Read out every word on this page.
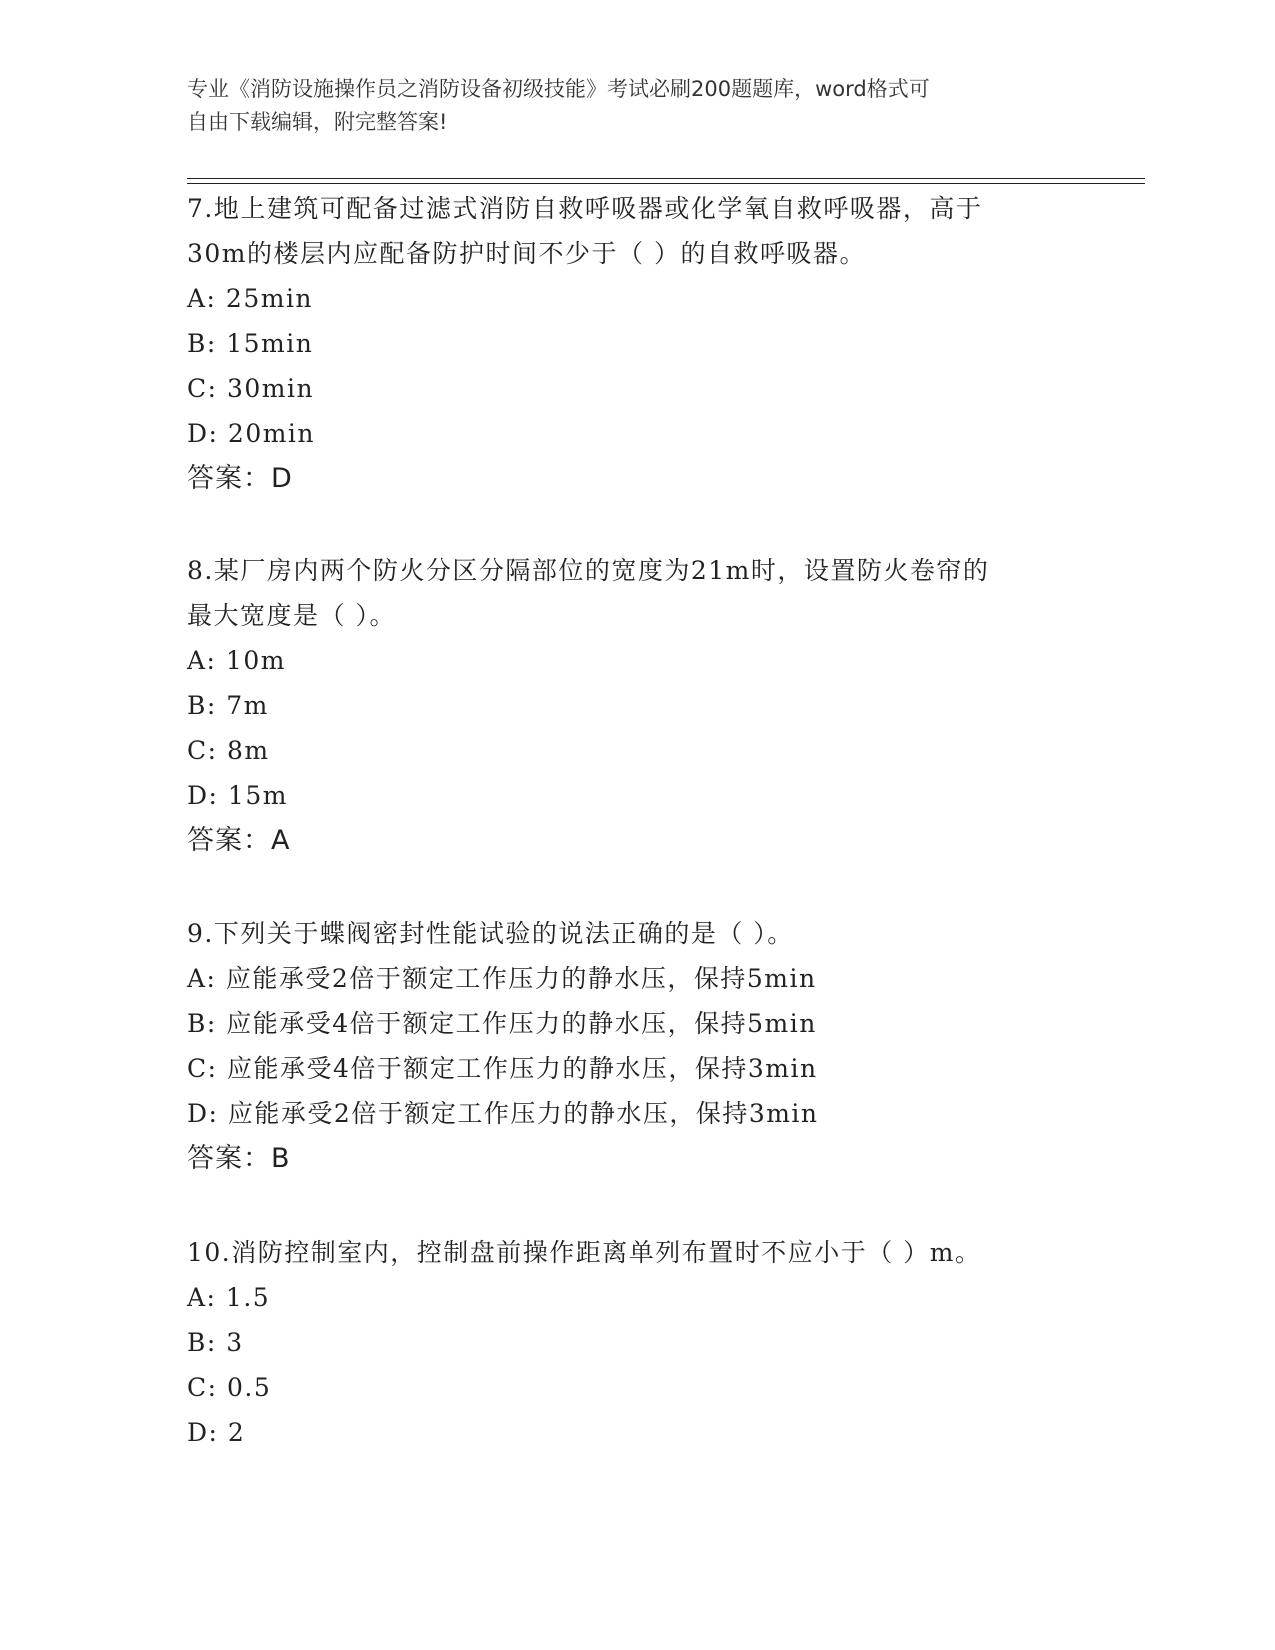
专业《消防设施操作员之消防设备初级技能》考试必刷200题题库，word格式可
自由下载编辑，附完整答案!

7.地上建筑可配备过滤式消防自救呼吸器或化学氧自救呼吸器，高于

30m的楼层内应配备防护时间不少于（ ）的自救呼吸器。

A: 25min

B: 15min

C: 30min

D: 20min

答案：D

8.某厂房内两个防火分区分隔部位的宽度为21m时，设置防火卷帘的

最大宽度是（ ）。

A: 10m

B: 7m

C: 8m

D: 15m

答案：A

9.下列关于蝶阀密封性能试验的说法正确的是（ ）。

A: 应能承受2倍于额定工作压力的静水压，保持5min

B: 应能承受4倍于额定工作压力的静水压，保持5min

C: 应能承受4倍于额定工作压力的静水压，保持3min

D: 应能承受2倍于额定工作压力的静水压，保持3min

答案：B

10.消防控制室内，控制盘前操作距离单列布置时不应小于（ ）m。

A: 1.5

B: 3

C: 0.5

D: 2
